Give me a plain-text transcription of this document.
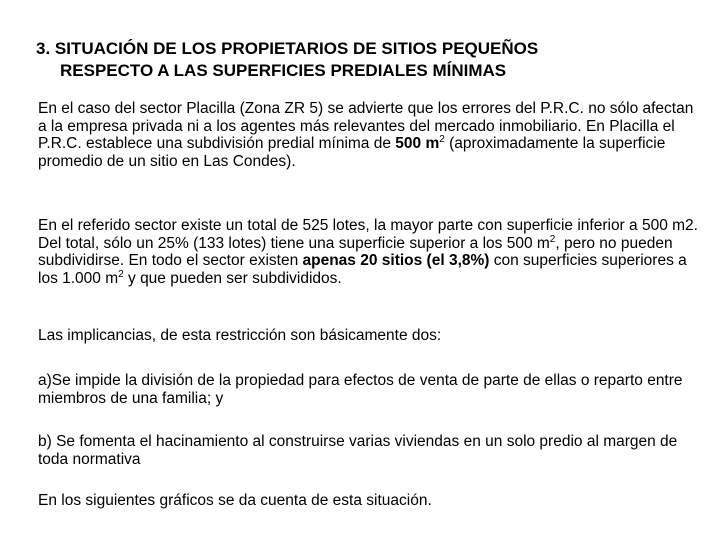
3. SITUACIÓN DE LOS PROPIETARIOS DE SITIOS PEQUEÑOS
RESPECTO A LAS SUPERFICIES PREDIALES MÍNIMAS
En el caso del sector Placilla (Zona ZR 5) se advierte que los errores del P.R.C. no sólo afectan a la empresa privada ni a los agentes más relevantes del mercado inmobiliario. En Placilla el P.R.C. establece una subdivisión predial mínima de 500 $m^2$ (aproximadamente la superficie promedio de un sitio en Las Condes).
En el referido sector existe un total de 525 lotes, la mayor parte con superficie inferior a 500 m2. Del total, sólo un 25% (133 lotes) tiene una superficie superior a los 500 $m^2$, pero no pueden subdividirse. En todo el sector existen apenas 20 sitios (el 3,8%) con superficies superiores a los 1.000 $m^2$ y que pueden ser subdivididos.
Las implicancias, de esta restricción son básicamente dos:
a)Se impide la división de la propiedad para efectos de venta de parte de ellas o reparto entre miembros de una familia; y
b) Se fomenta el hacinamiento al construirse varias viviendas en un solo predio al margen de toda normativa
En los siguientes gráficos se da cuenta de esta situación.
